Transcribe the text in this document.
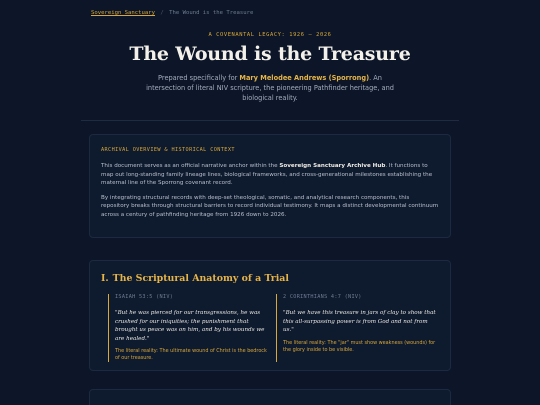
Sovereign Sanctuary / The Wound is the Treasure
A COVENANTAL LEGACY: 1926 – 2026
The Wound is the Treasure
Prepared specifically for Mary Melodee Andrews (Sporrong). An intersection of literal NIV scripture, the pioneering Pathfinder heritage, and biological reality.
ARCHIVAL OVERVIEW & HISTORICAL CONTEXT
This document serves as an official narrative anchor within the Sovereign Sanctuary Archive Hub. It functions to map out long-standing family lineage lines, biological frameworks, and cross-generational milestones establishing the maternal line of the Sporrong covenant record.
By integrating structural records with deep-set theological, somatic, and analytical research components, this repository breaks through structural barriers to record individual testimony. It maps a distinct developmental continuum across a century of pathfinding heritage from 1926 down to 2026.
I. The Scriptural Anatomy of a Trial
ISAIAH 53:5 (NIV)
"But he was pierced for our transgressions, he was crushed for our iniquities; the punishment that brought us peace was on him, and by his wounds we are healed."
The literal reality: The ultimate wound of Christ is the bedrock of our treasure.
2 CORINTHIANS 4:7 (NIV)
"But we have this treasure in jars of clay to show that this all-surpassing power is from God and not from us."
The literal reality: The "jar" must show weakness (wounds) for the glory inside to be visible.
